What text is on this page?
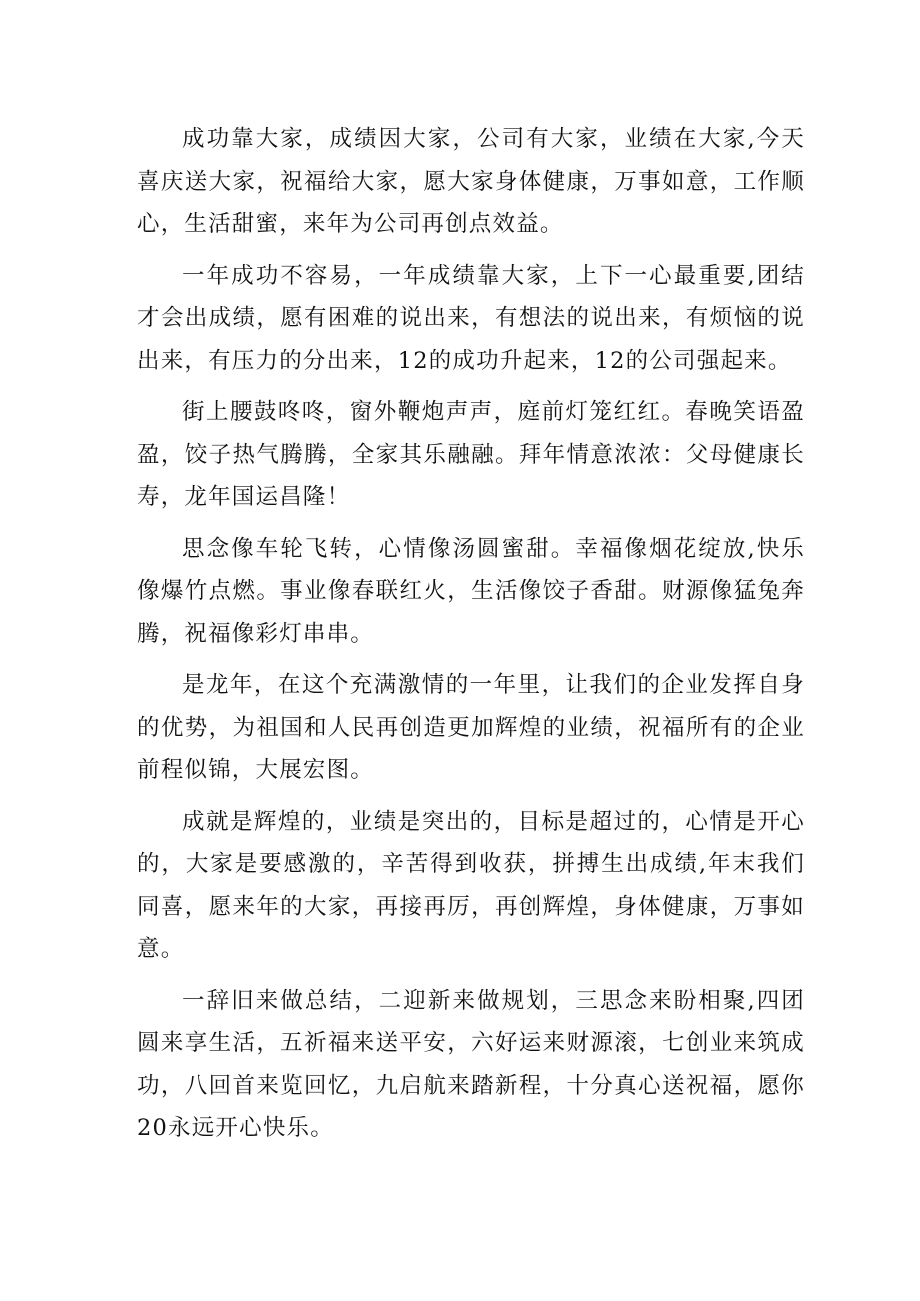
成功靠大家，成绩因大家，公司有大家，业绩在大家,今天喜庆送大家，祝福给大家，愿大家身体健康，万事如意，工作顺心，生活甜蜜，来年为公司再创点效益。

一年成功不容易，一年成绩靠大家，上下一心最重要,团结才会出成绩，愿有困难的说出来，有想法的说出来，有烦恼的说出来，有压力的分出来，12的成功升起来，12的公司强起来。

街上腰鼓咚咚，窗外鞭炮声声，庭前灯笼红红。春晚笑语盈盈，饺子热气腾腾，全家其乐融融。拜年情意浓浓：父母健康长寿，龙年国运昌隆！

思念像车轮飞转，心情像汤圆蜜甜。幸福像烟花绽放,快乐像爆竹点燃。事业像春联红火，生活像饺子香甜。财源像猛兔奔腾，祝福像彩灯串串。

是龙年，在这个充满激情的一年里，让我们的企业发挥自身的优势，为祖国和人民再创造更加辉煌的业绩，祝福所有的企业前程似锦，大展宏图。

成就是辉煌的，业绩是突出的，目标是超过的，心情是开心的，大家是要感激的，辛苦得到收获，拼搏生出成绩,年末我们同喜，愿来年的大家，再接再厉，再创辉煌，身体健康，万事如意。

一辞旧来做总结，二迎新来做规划，三思念来盼相聚,四团圆来享生活，五祈福来送平安，六好运来财源滚，七创业来筑成功，八回首来览回忆，九启航来踏新程，十分真心送祝福，愿你20永远开心快乐。
